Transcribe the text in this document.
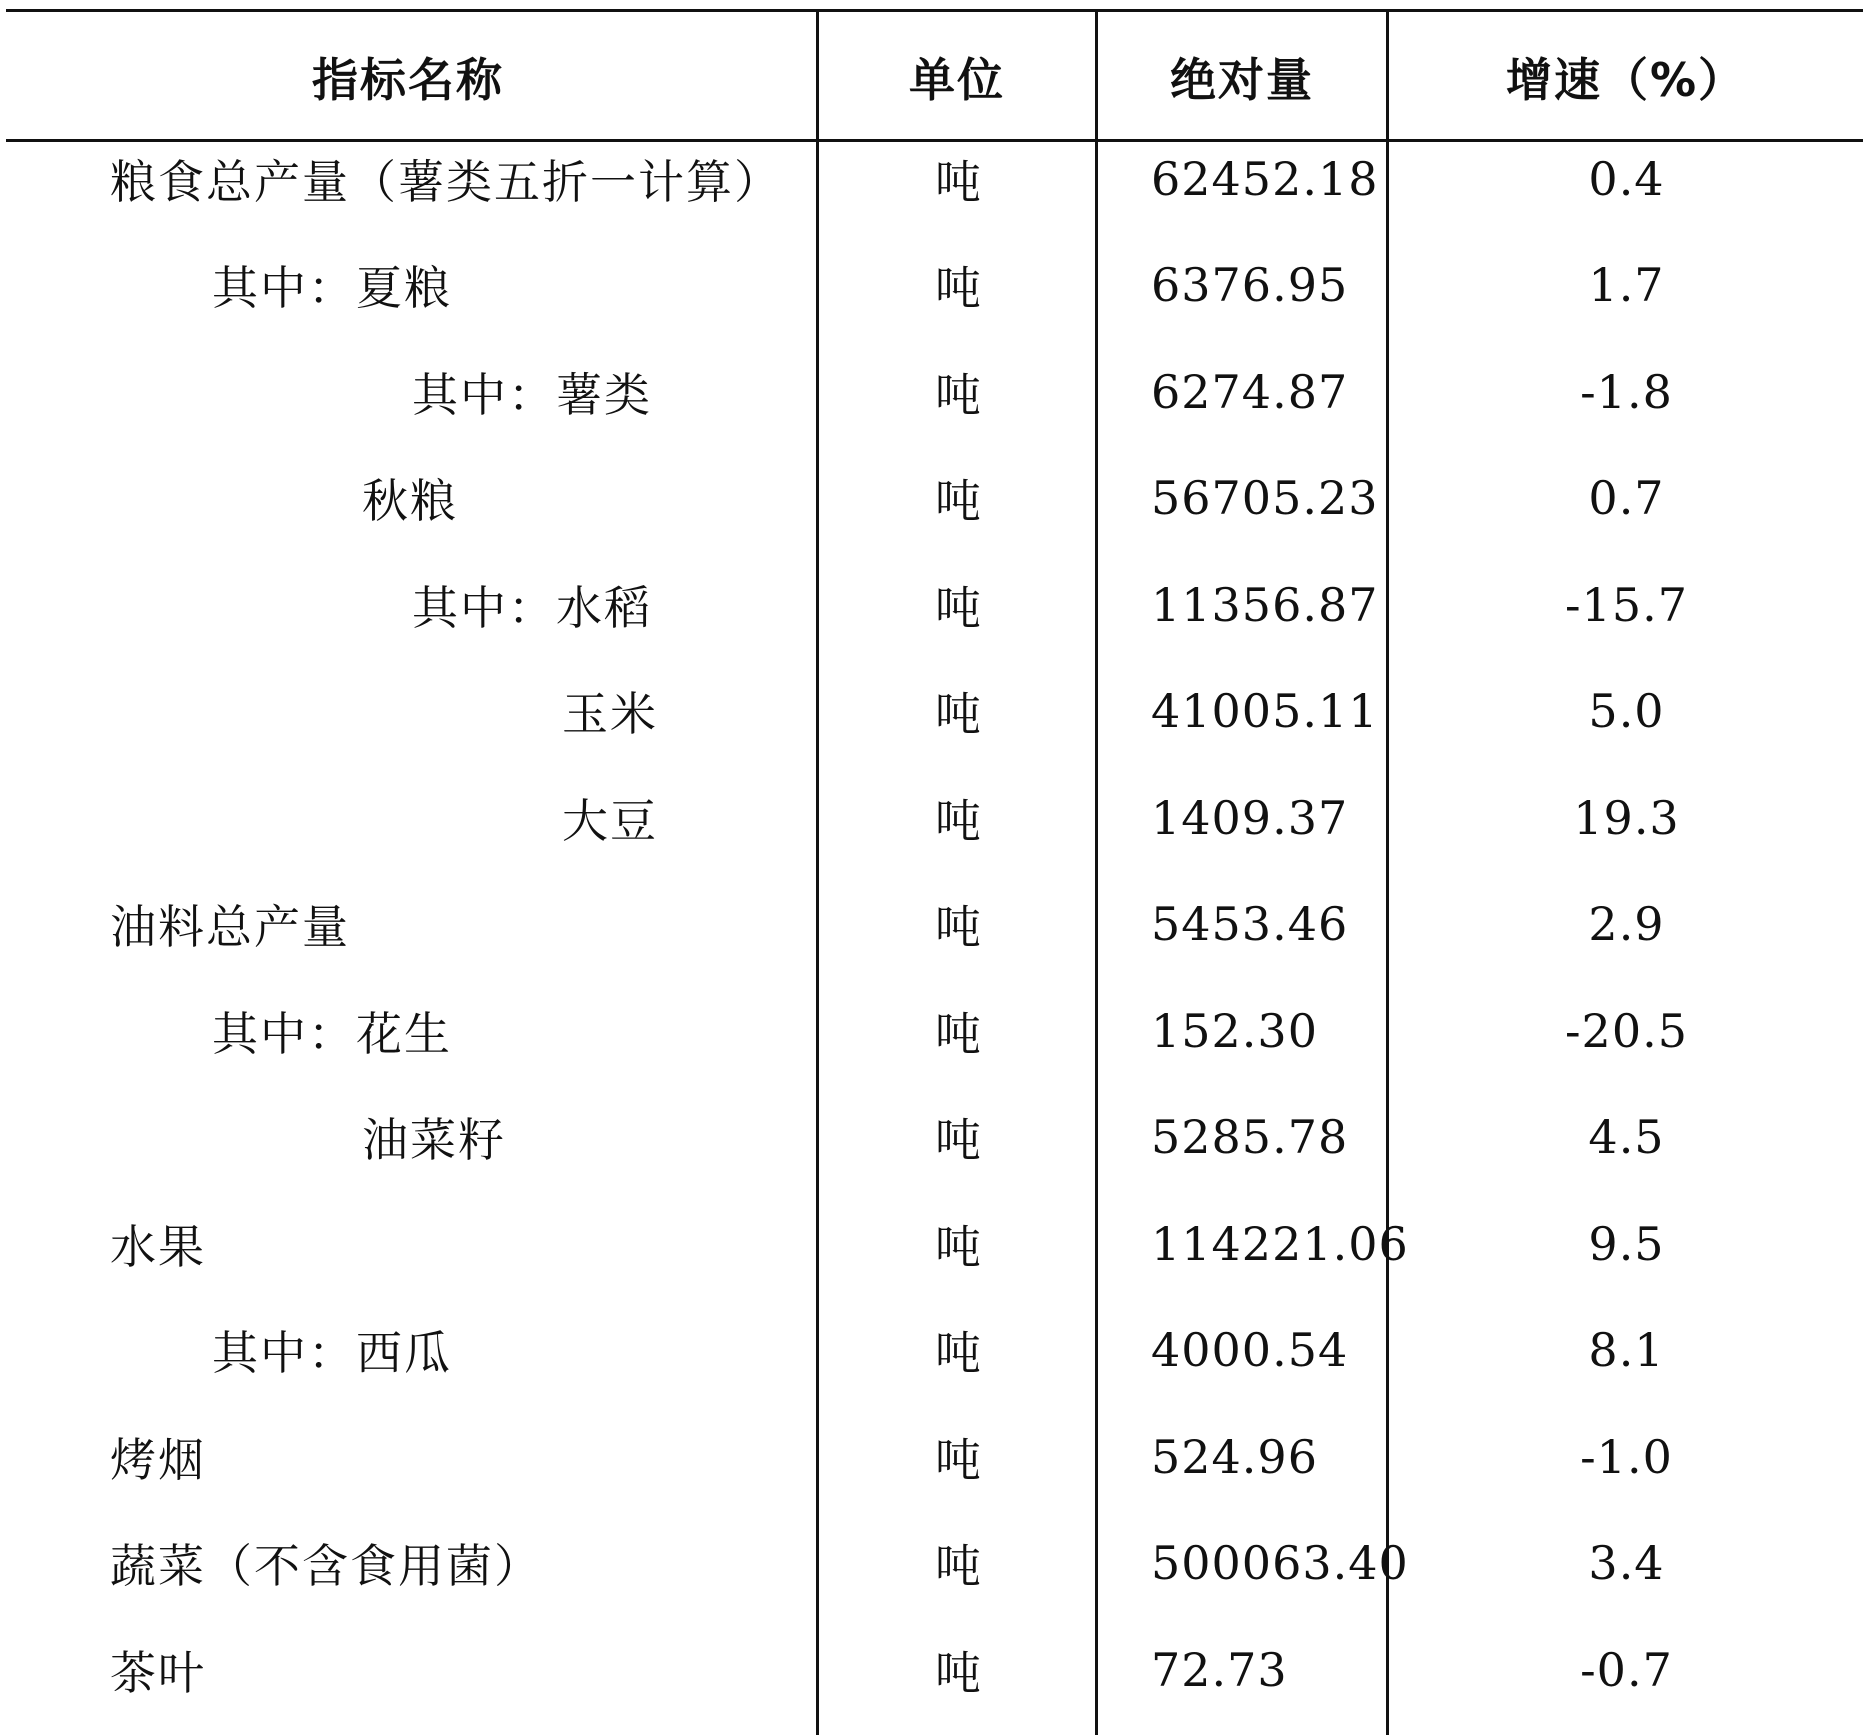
指标名称	单位	绝对量	增速（%）
粮食总产量（薯类五折一计算）	吨	62452.18	0.4
其中：夏粮	吨	6376.95	1.7
其中：薯类	吨	6274.87	-1.8
秋粮	吨	56705.23	0.7
其中：水稻	吨	11356.87	-15.7
玉米	吨	41005.11	5.0
大豆	吨	1409.37	19.3
油料总产量	吨	5453.46	2.9
其中：花生	吨	152.30	-20.5
油菜籽	吨	5285.78	4.5
水果	吨	114221.06	9.5
其中：西瓜	吨	4000.54	8.1
烤烟	吨	524.96	-1.0
蔬菜（不含食用菌）	吨	500063.40	3.4
茶叶	吨	72.73	-0.7
